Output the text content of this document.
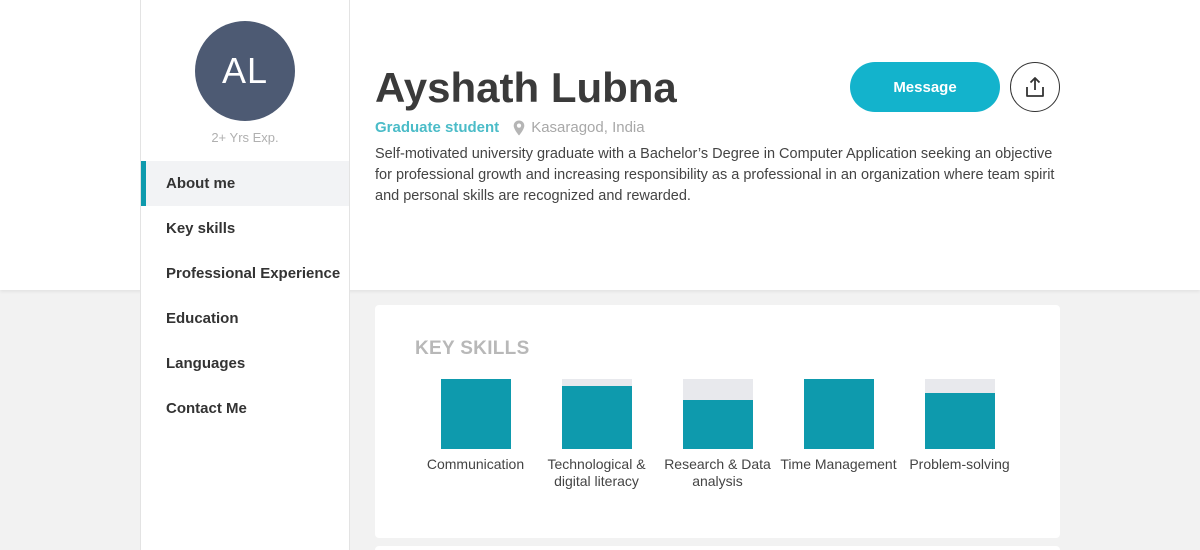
AL
2+ Yrs Exp.
About me
Key skills
Professional Experience
Education
Languages
Contact Me
Ayshath Lubna
Graduate student Kasaragod, India

Self-motivated university graduate with a Bachelor’s Degree in Computer Application seeking an objective for professional growth and increasing responsibility as a professional in an organization where team spirit and personal skills are recognized and rewarded.

Message
KEY SKILLS
Communication	Technological & digital literacy
Research & Data analysis
Time Management Problem-solving
